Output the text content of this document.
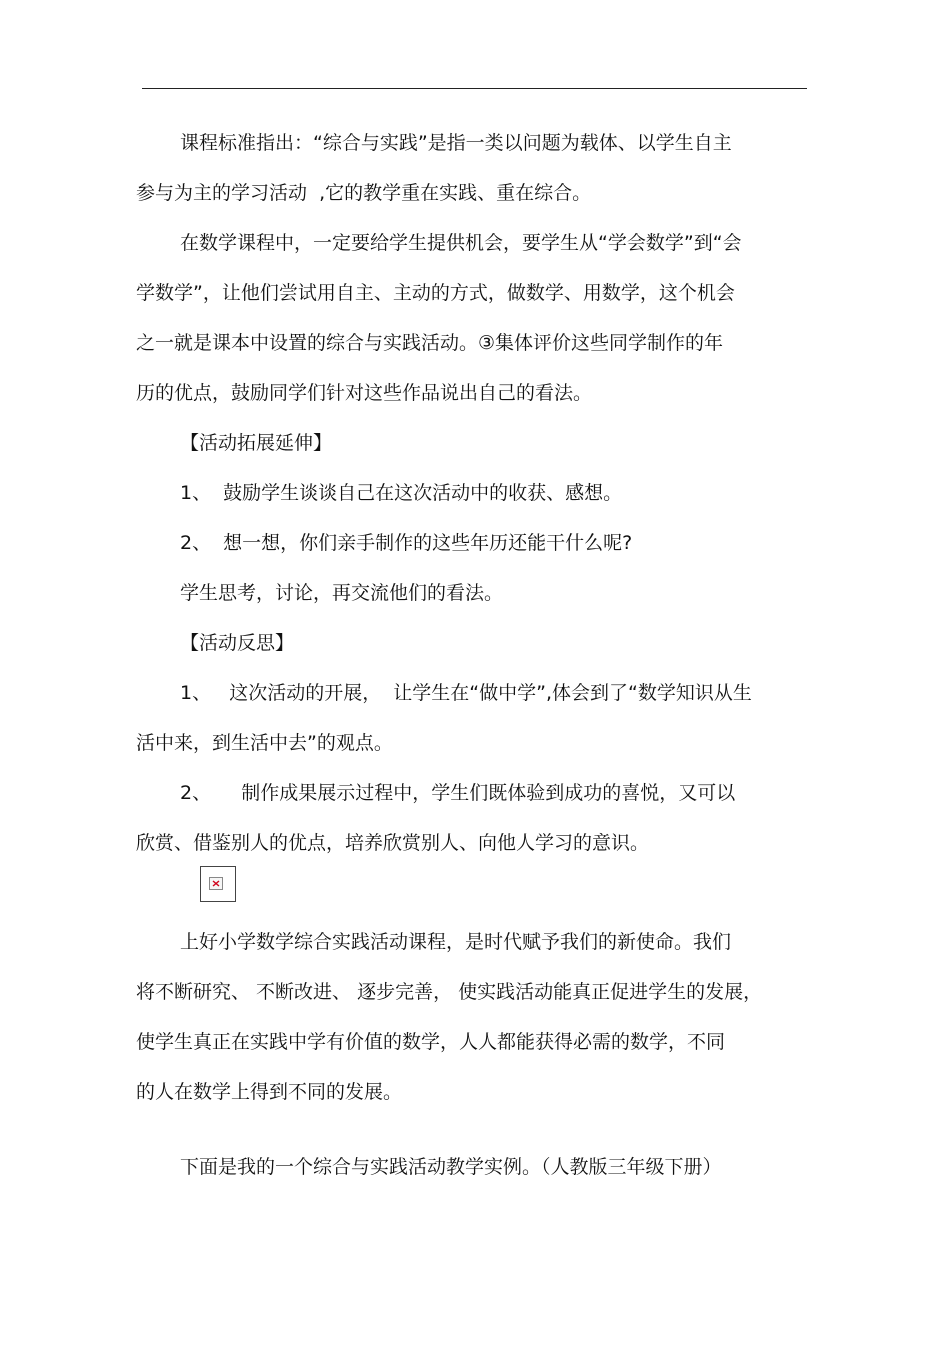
课程标准指出：“综合与实践”是指一类以问题为载体、以学生自主
参与为主的学习活动  ,它的教学重在实践、重在综合。
在数学课程中，一定要给学生提供机会，要学生从“学会数学”到“会
学数学”，让他们尝试用自主、主动的方式，做数学、用数学，这个机会
之一就是课本中设置的综合与实践活动。③集体评价这些同学制作的年
历的优点，鼓励同学们针对这些作品说出自己的看法。
【活动拓展延伸】
1、  鼓励学生谈谈自己在这次活动中的收获、感想。
2、  想一想，你们亲手制作的这些年历还能干什么呢?
学生思考，讨论，再交流他们的看法。
【活动反思】
1、   这次活动的开展，  让学生在“做中学”,体会到了“数学知识从生
活中来，到生活中去”的观点。
2、     制作成果展示过程中，学生们既体验到成功的喜悦，又可以
欣赏、借鉴别人的优点，培养欣赏别人、向他人学习的意识。
上好小学数学综合实践活动课程，是时代赋予我们的新使命。我们
将不断研究、 不断改进、 逐步完善， 使实践活动能真正促进学生的发展，
使学生真正在实践中学有价值的数学，人人都能获得必需的数学，不同
的人在数学上得到不同的发展。
下面是我的一个综合与实践活动教学实例。（人教版三年级下册）
